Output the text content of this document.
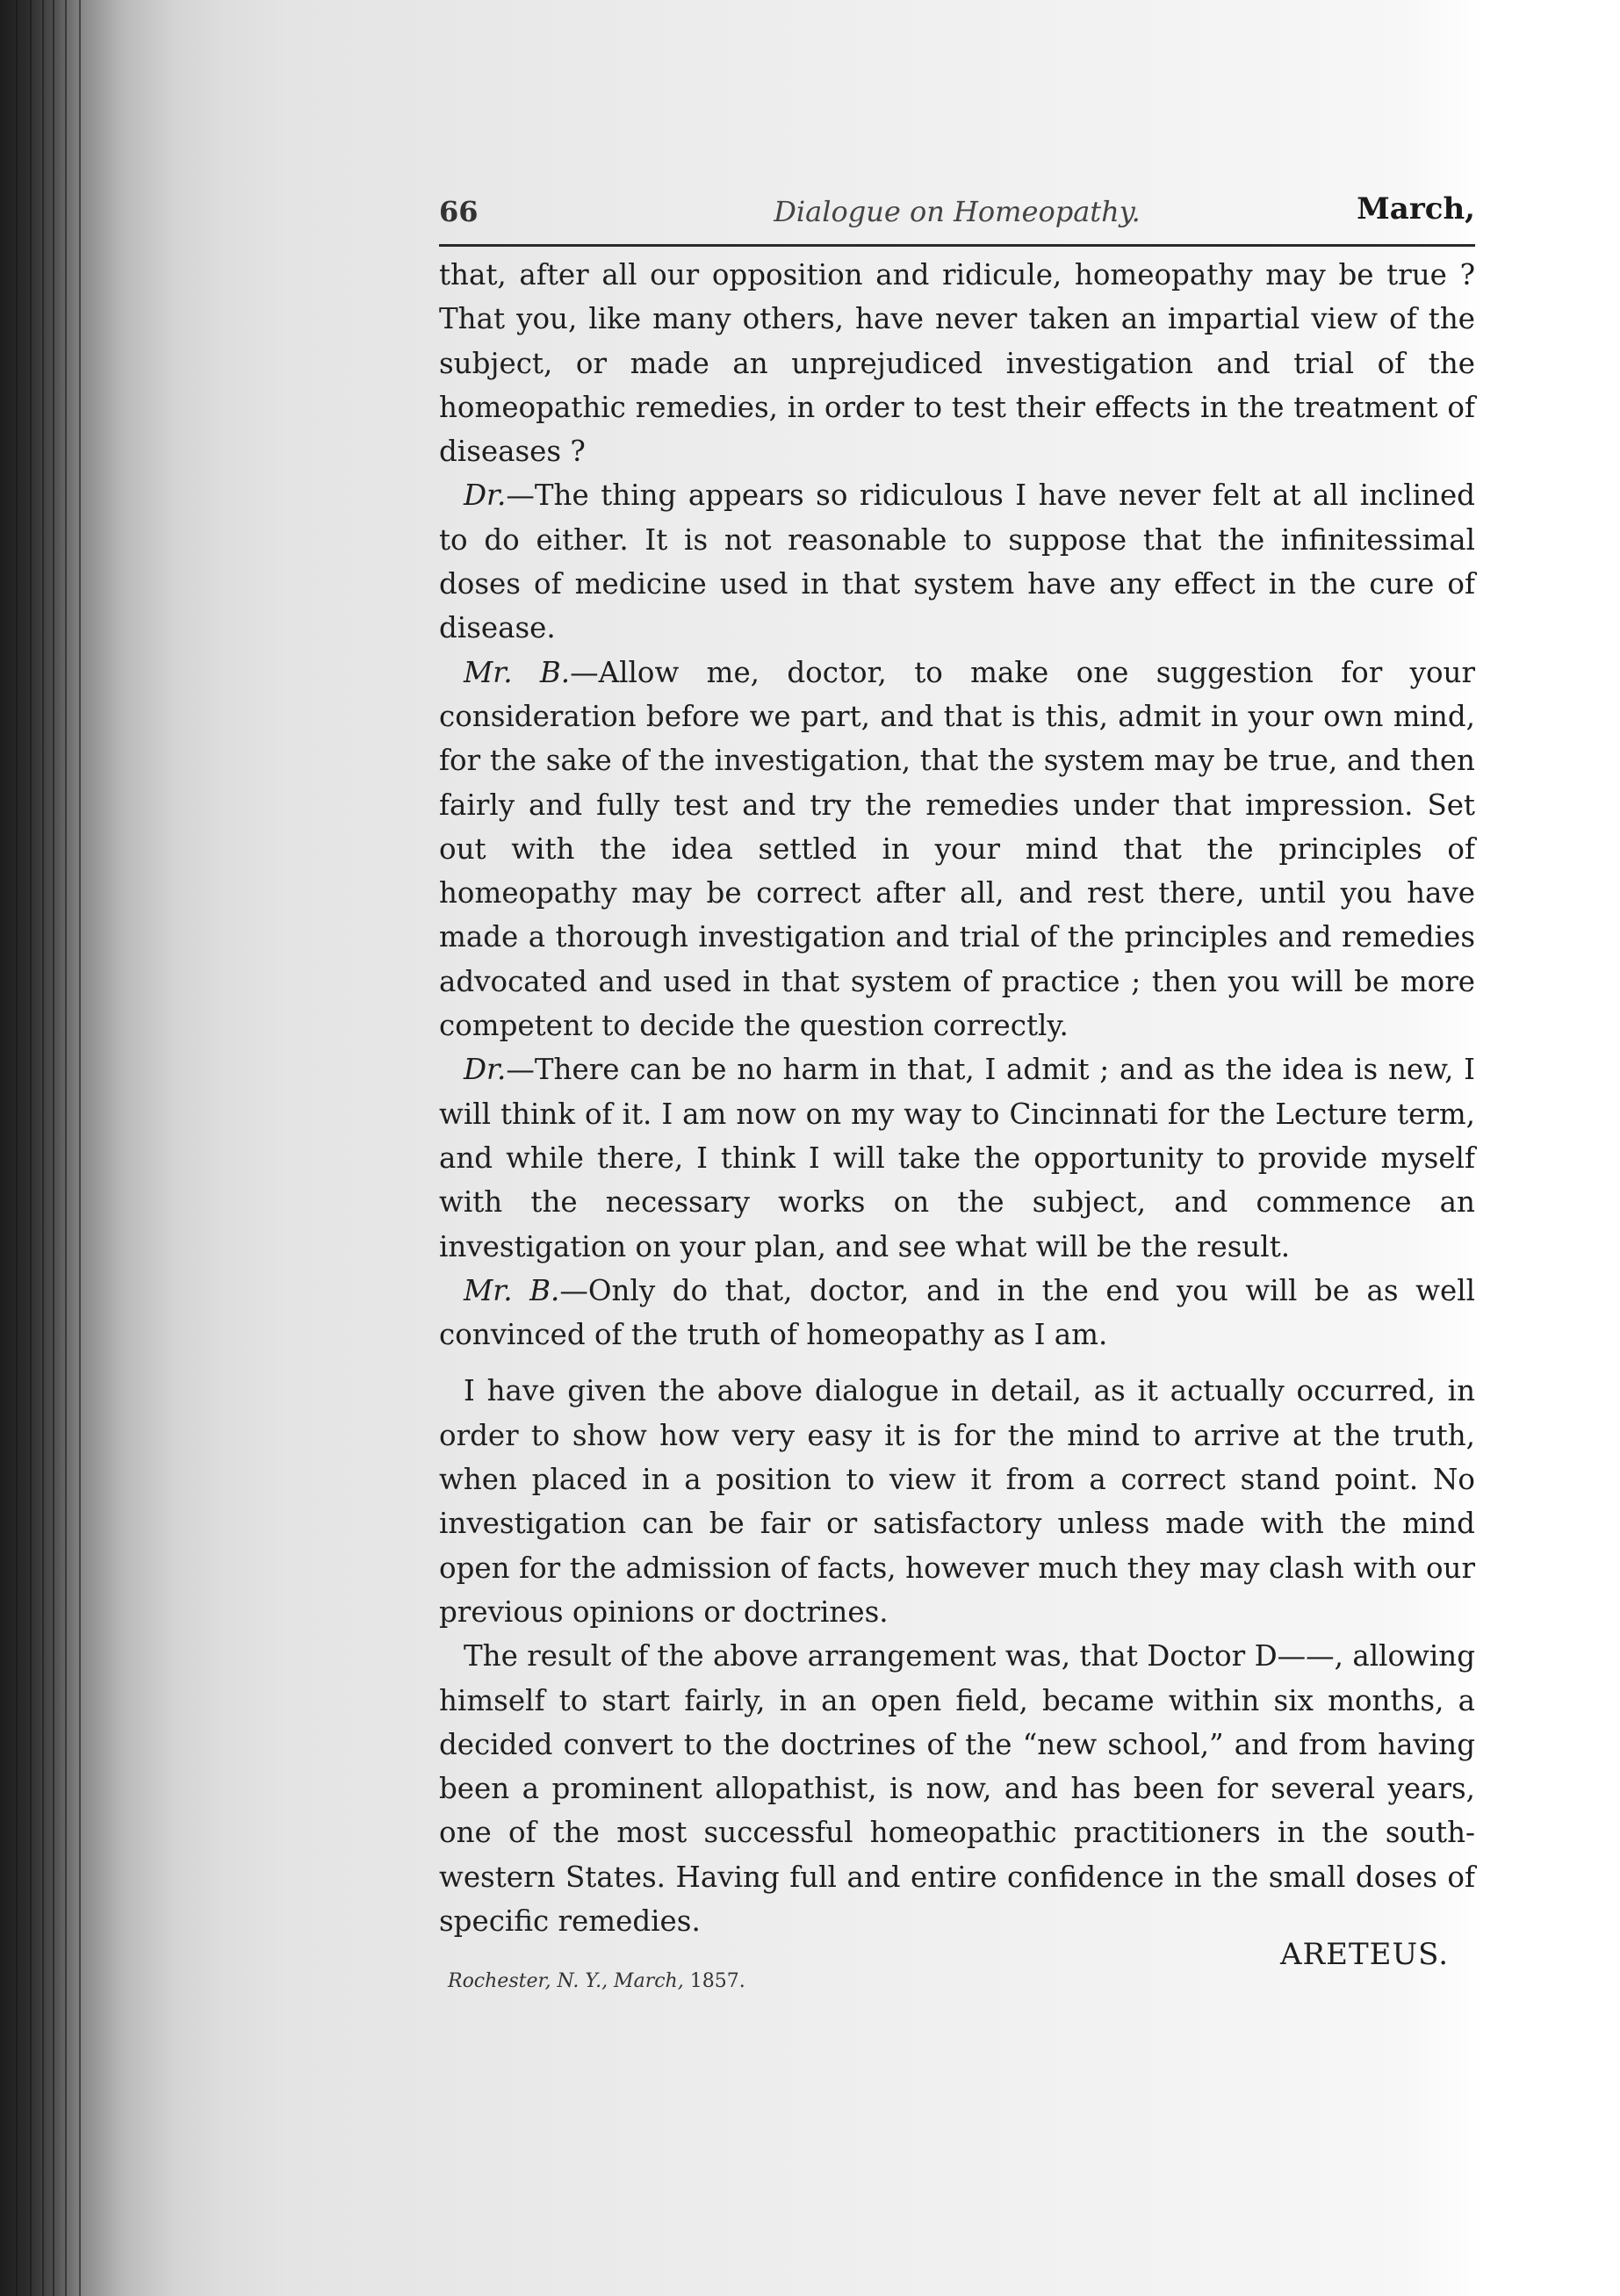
66	Dialogue on Homeopathy.	March,

that, after all our opposition and ridicule, homeopathy may be true ? That you, like many others, have never taken an impartial view of the subject, or made an unprejudiced investigation and trial of the homeopathic remedies, in order to test their effects in the treatment of diseases ?

Dr.—The thing appears so ridiculous I have never felt at all inclined to do either. It is not reasonable to suppose that the infinitessimal doses of medicine used in that system have any effect in the cure of disease.

Mr. B.—Allow me, doctor, to make one suggestion for your consideration before we part, and that is this, admit in your own mind, for the sake of the investigation, that the system may be true, and then fairly and fully test and try the remedies under that impression. Set out with the idea settled in your mind that the principles of homeopathy may be correct after all, and rest there, until you have made a thorough investigation and trial of the principles and remedies advocated and used in that system of practice ; then you will be more competent to decide the question correctly.

Dr.—There can be no harm in that, I admit ; and as the idea is new, I will think of it. I am now on my way to Cincinnati for the Lecture term, and while there, I think I will take the opportunity to provide myself with the necessary works on the subject, and commence an investigation on your plan, and see what will be the result.

Mr. B.—Only do that, doctor, and in the end you will be as well convinced of the truth of homeopathy as I am.

I have given the above dialogue in detail, as it actually occurred, in order to show how very easy it is for the mind to arrive at the truth, when placed in a position to view it from a correct stand point. No investigation can be fair or satisfactory unless made with the mind open for the admission of facts, however much they may clash with our previous opinions or doctrines.

The result of the above arrangement was, that Doctor D——, allowing himself to start fairly, in an open field, became within six months, a decided convert to the doctrines of the “new school,” and from having been a prominent allopathist, is now, and has been for several years, one of the most successful homeopathic practitioners in the south-western States. Having full and entire confidence in the small doses of specific remedies.

ARETEUS.
Rochester, N. Y., March, 1857.
